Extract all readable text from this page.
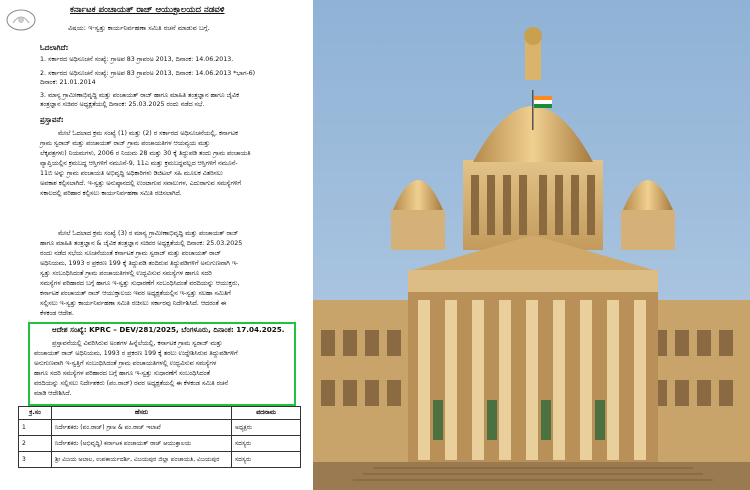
ಕರ್ನಾಟಕ ಪಂಚಾಯತ್ ರಾಜ್ ಆಯುಕ್ತಾಲಯದ ನಡವಳಿ
ವಿಷಯ: ಇ-ಸ್ವತ್ತು ಕಾರ್ಯನಿರ್ವಹಣಾ ಸಮಿತಿ ರಚನೆ ಮಾಡುವ ಬಗ್ಗೆ.
ಓದಲಾಗಿದೆ:
1. ಸರ್ಕಾರದ ಅಧಿಸೂಚನೆ ಸಂಖ್ಯೆ: ಗ್ರಾಅಪ 83 ಗ್ರಾಪಂಅ 2013, ದಿನಾಂಕ: 14.06.2013.
2. ಸರ್ಕಾರದ ಅಧಿಸೂಚನೆ ಸಂಖ್ಯೆ: ಗ್ರಾಅಪ 83 ಗ್ರಾಪಂಅ 2013, ದಿನಾಂಕ: 14.06.2013 *ಭಾಗ-6)
ದಿನಾಂಕ: 21.01.2014
3. ಮಾನ್ಯ ಗ್ರಾಮೀಣಾಭಿವೃದ್ಧಿ ಮತ್ತು ಪಂಚಾಯತ್ ರಾಜ್ ಹಾಗೂ ಮಾಹಿತಿ ತಂತ್ರಜ್ಞಾನ ಹಾಗೂ ಜೈವಿಕ
ತಂತ್ರಜ್ಞಾನ ಸಚಿವರ ಅಧ್ಯಕ್ಷತೆಯಲ್ಲಿ ದಿನಾಂಕ: 25.03.2025 ರಂದು ನಡೆದ ಸಭೆ.
ಪ್ರಸ್ತಾವನೆ:
ಮೇಲೆ ಓದಲಾದ ಕ್ರಮ ಸಂಖ್ಯೆ (1) ಮತ್ತು (2) ರ ಸರ್ಕಾರದ ಅಧಿಸೂಚನೆಯಲ್ಲಿ, ಕರ್ನಾಟಕ
ಗ್ರಾಮ ಸ್ವರಾಜ್ ಮತ್ತು ಪಂಚಾಯತ್ ರಾಜ್ ಗ್ರಾಮ ಪಂಚಾಯತಿಗಳ ಆಯವ್ಯಯ ಮತ್ತು
ಲೆಕ್ಕಪತ್ರಗಳು) ನಿಯಮಗಳು, 2006 ರ ನಿಯಮ 28 ಮತ್ತು 30 ಕ್ಕೆ ತಿದ್ದುಪಡಿ ತಂದು ಗ್ರಾಮ ಪಂಚಾಯತಿ
ವ್ಯಾಪ್ತಿಯಲ್ಲಿನ ಕ್ರಮಬದ್ಧ ಆಸ್ತಿಗಳಿಗೆ ನಮೂನೆ-9, 11ಎ ಮತ್ತು ಕ್ರಮಬದ್ಧವಲ್ಲದ ಆಸ್ತಿಗಳಿಗೆ ನಮೂನೆ-
11ಬಿ ಅನ್ನು ಗ್ರಾಮ ಪಂಚಾಯತಿ ಅಭಿವೃದ್ಧಿ ಅಧಿಕಾರಿಗಳು ಡಿಜಿಟಲ್ ಸಹಿ ಮೂಲಕ ವಿತರಿಸಲು
ಅವಕಾಶ ಕಲ್ಪಿಸಲಾಗಿದೆ. ಇ-ಸ್ವತ್ತು ಅನುಷ್ಠಾನದಲ್ಲಿ ಉಂಟಾಗುವ ಸವಾಲುಗಳ, ಎದುರಾಗುವ ಸಮಸ್ಯೆಗಳಿಗೆ
ಸಕಾಲದಲ್ಲಿ ಪರಿಹಾರ ಕಲ್ಪಿಸಲು ಕಾರ್ಯನಿರ್ವಹಣಾ ಸಮಿತಿ ರಚಿಸಲಾಗಿದೆ.
ಮೇಲೆ ಓದಲಾದ ಕ್ರಮ ಸಂಖ್ಯೆ (3) ರ ಮಾನ್ಯ ಗ್ರಾಮೀಣಾಭಿವೃದ್ಧಿ ಮತ್ತು ಪಂಚಾಯತ್ ರಾಜ್
ಹಾಗೂ ಮಾಹಿತಿ ತಂತ್ರಜ್ಞಾನ & ಜೈವಿಕ ತಂತ್ರಜ್ಞಾನ ಸಚಿವರ ಅಧ್ಯಕ್ಷತೆಯಲ್ಲಿ ದಿನಾಂಕ: 25.03.2025
ರಂದು ನಡೆದ ಸಭೆಯ ಸೂಚನೆಯಂತೆ ಕರ್ನಾಟಕ ಗ್ರಾಮ ಸ್ವರಾಜ್ ಮತ್ತು ಪಂಚಾಯತ್ ರಾಜ್
ಅಧಿನಿಯಮ, 1993 ರ ಪ್ರಕರಣ 199 ಕ್ಕೆ ತಿದ್ದುಪಡಿ ತಂದಿರುವ ತಿದ್ದುಪಡಿಗಳಿಗೆ ಅನುಗುಣವಾಗಿ ಇ-
ಸ್ವತ್ತು ಸಂಬಂಧಿಸಿದಂತೆ ಗ್ರಾಮ ಪಂಚಾಯತಿಗಳಲ್ಲಿ ಉದ್ಭವಿಸುವ ಸಮಸ್ಯೆಗಳ ಹಾಗೂ ಸದರಿ
ಸಮಸ್ಯೆಗಳ ಪರಿಹಾರದ ಬಗ್ಗೆ ಹಾಗೂ ಇ-ಸ್ವತ್ತು ಸುಧಾರಣೆಗೆ ಸಂಬಂಧಿಸಿದಂತೆ ವರದಿಯನ್ನು ಆಯುಕ್ತರು,
ಕರ್ನಾಟಕ ಪಂಚಾಯತ್ ರಾಜ್ ಆಯುಕ್ತಾಲಯ ಇವರ ಅಧ್ಯಕ್ಷತೆಯಲ್ಲಿನ ಇ-ಸ್ವತ್ತು ಸಲಹಾ ಸಮಿತಿಗೆ
ಸಲ್ಲಿಸಲು ಇ-ಸ್ವತ್ತು ಕಾರ್ಯನಿರ್ವಹಣಾ ಸಮಿತಿ ರಚಿಸಲು ಸರ್ಕಾರವು ನಿರ್ದೇಶಿಸಿದೆ. ಆದರಂತೆ ಈ
ಕೆಳಕಂಡ ಆದೇಶ.
ಆದೇಶ ಸಂಖ್ಯೆ: KPRC – DEV/281/2025, ಬೆಂಗಳೂರು, ದಿನಾಂಕ: 17.04.2025.
ಪ್ರಸ್ತಾವನೆಯಲ್ಲಿ ವಿವರಿಸಿರುವ ಅಂಶಗಳ ಹಿನ್ನೆಲೆಯಲ್ಲಿ, ಕರ್ನಾಟಕ ಗ್ರಾಮ ಸ್ವರಾಜ್ ಮತ್ತು
ಪಂಚಾಯತ್ ರಾಜ್ ಅಧಿನಿಯಮ, 1993 ರ ಪ್ರಕರಣ 199 ಕ್ಕೆ ತರಲು ಉದ್ದೇಶಿಸಿರುವ ತಿದ್ದುಪಡಿಗಳಿಗೆ
ಅನುಗುಣವಾಗಿ ಇ-ಸ್ವತ್ತಿಗೆ ಸಂಬಂಧಿಸಿದಂತೆ ಗ್ರಾಮ ಪಂಚಾಯತಿಗಳಲ್ಲಿ ಉದ್ಭವಿಸುವ ಸಮಸ್ಯೆಗಳ
ಹಾಗೂ ಸದರಿ ಸಮಸ್ಯೆಗಳ ಪರಿಹಾರದ ಬಗ್ಗೆ ಹಾಗೂ ಇ-ಸ್ವತ್ತು ಸುಧಾರಣೆಗೆ ಸಂಬಂಧಿಸಿದಂತೆ
ವರದಿಯನ್ನು ಸಲ್ಲಿಸಲು ನಿರ್ದೇಶಕರು (ಪಂ.ರಾಜ್) ರವರ ಅಧ್ಯಕ್ಷತೆಯಲ್ಲಿ ಈ ಕೆಳಕಂಡ ಸಮಿತಿ ರಚನೆ
ಮಾಡಿ ಆದೇಶಿಸಿದೆ.
ಕ್ರ.ಸಂ	ಹೆಸರು	ಪದನಾಮ
1	ನಿರ್ದೇಶಕರು (ಪಂ.ರಾಜ್) ಗ್ರಾಅ & ಪಂ.ರಾಜ್ ಇಲಾಖೆ	ಅಧ್ಯಕ್ಷರು
2	ನಿರ್ದೇಶಕರು (ಅಭಿವೃದ್ಧಿ) ಕರ್ನಾಟಕ ಪಂಚಾಯತ್ ರಾಜ್ ಆಯುಕ್ತಾಲಯ	ಸದಸ್ಯರು
3	ಶ್ರೀ ವಿಜಯ ಅಲಾಲ, ಉಪಕಾರ್ಯದರ್ಶಿ, ವಿಜಯಪುರ ಜಿಲ್ಲಾ ಪಂಚಾಯತಿ, ವಿಜಯಪುರ	ಸದಸ್ಯರು
